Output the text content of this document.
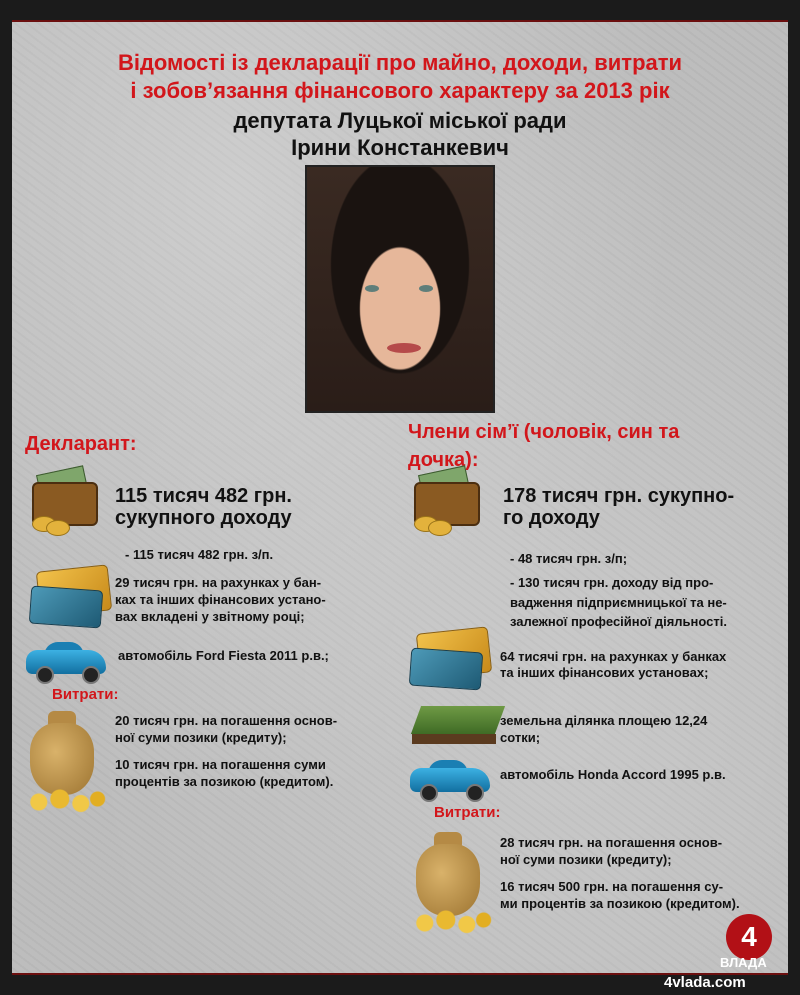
Відомості із декларації про майно, доходи, витрати
і зобов’язання фінансового характеру за 2013 рік
депутата Луцької міської ради
Ірини Констанкевич
Декларант:
115 тисяч 482 грн.
сукупного доходу
- 115 тисяч 482 грн. з/п.
29 тисяч грн. на рахунках у бан-
ках та інших фінансових устано-
вах вкладені у звітному році;
автомобіль Ford Fiesta 2011 р.в.;
Витрати:
20 тисяч грн. на погашення основ-
ної суми позики (кредиту);
10 тисяч грн. на погашення суми
процентів за позикою (кредитом).
Члени сім’ї (чоловік, син та
дочка):
178 тисяч грн. сукупно-
го доходу
- 48 тисяч грн. з/п;
- 130 тисяч грн. доходу від про-
вадження підприємницької та не-
залежної професійної діяльності.
64 тисячі грн. на рахунках у банках
та інших фінансових установах;
земельна ділянка площею 12,24
сотки;
автомобіль Honda Accord 1995 р.в.
Витрати:
28 тисяч грн. на погашення основ-
ної суми позики (кредиту);
16 тисяч 500 грн. на погашення су-
ми процентів за позикою (кредитом).
4
ВЛАДА
4vlada.com
